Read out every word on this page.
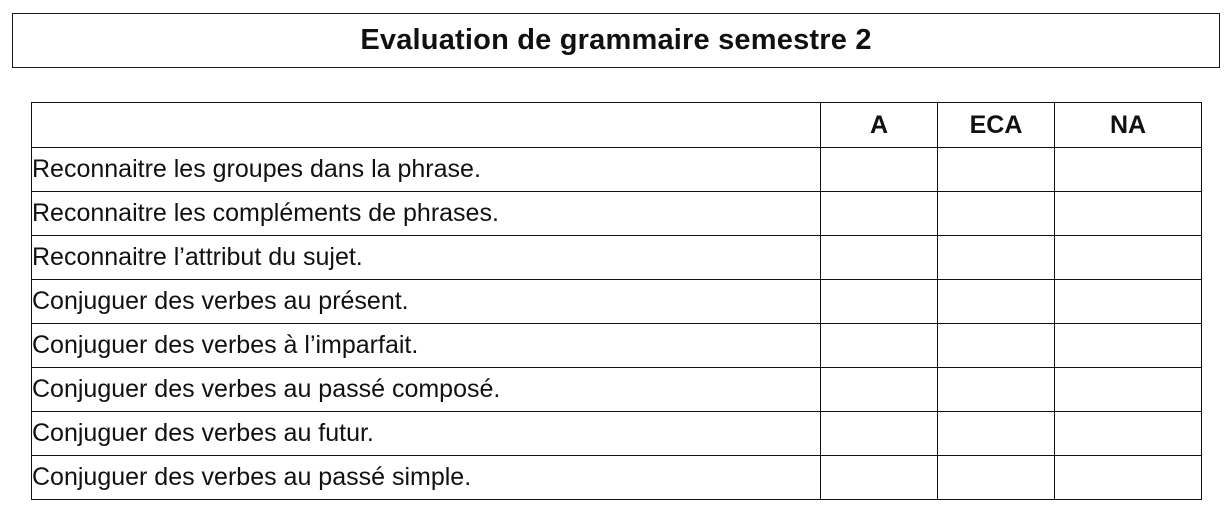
Evaluation de grammaire semestre 2
	A	ECA	NA
Reconnaitre les groupes dans la phrase.			
Reconnaitre les compléments de phrases.			
Reconnaitre l’attribut du sujet.			
Conjuguer des verbes au présent.			
Conjuguer des verbes à l’imparfait.			
Conjuguer des verbes au passé composé.			
Conjuguer des verbes au futur.			
Conjuguer des verbes au passé simple.			
